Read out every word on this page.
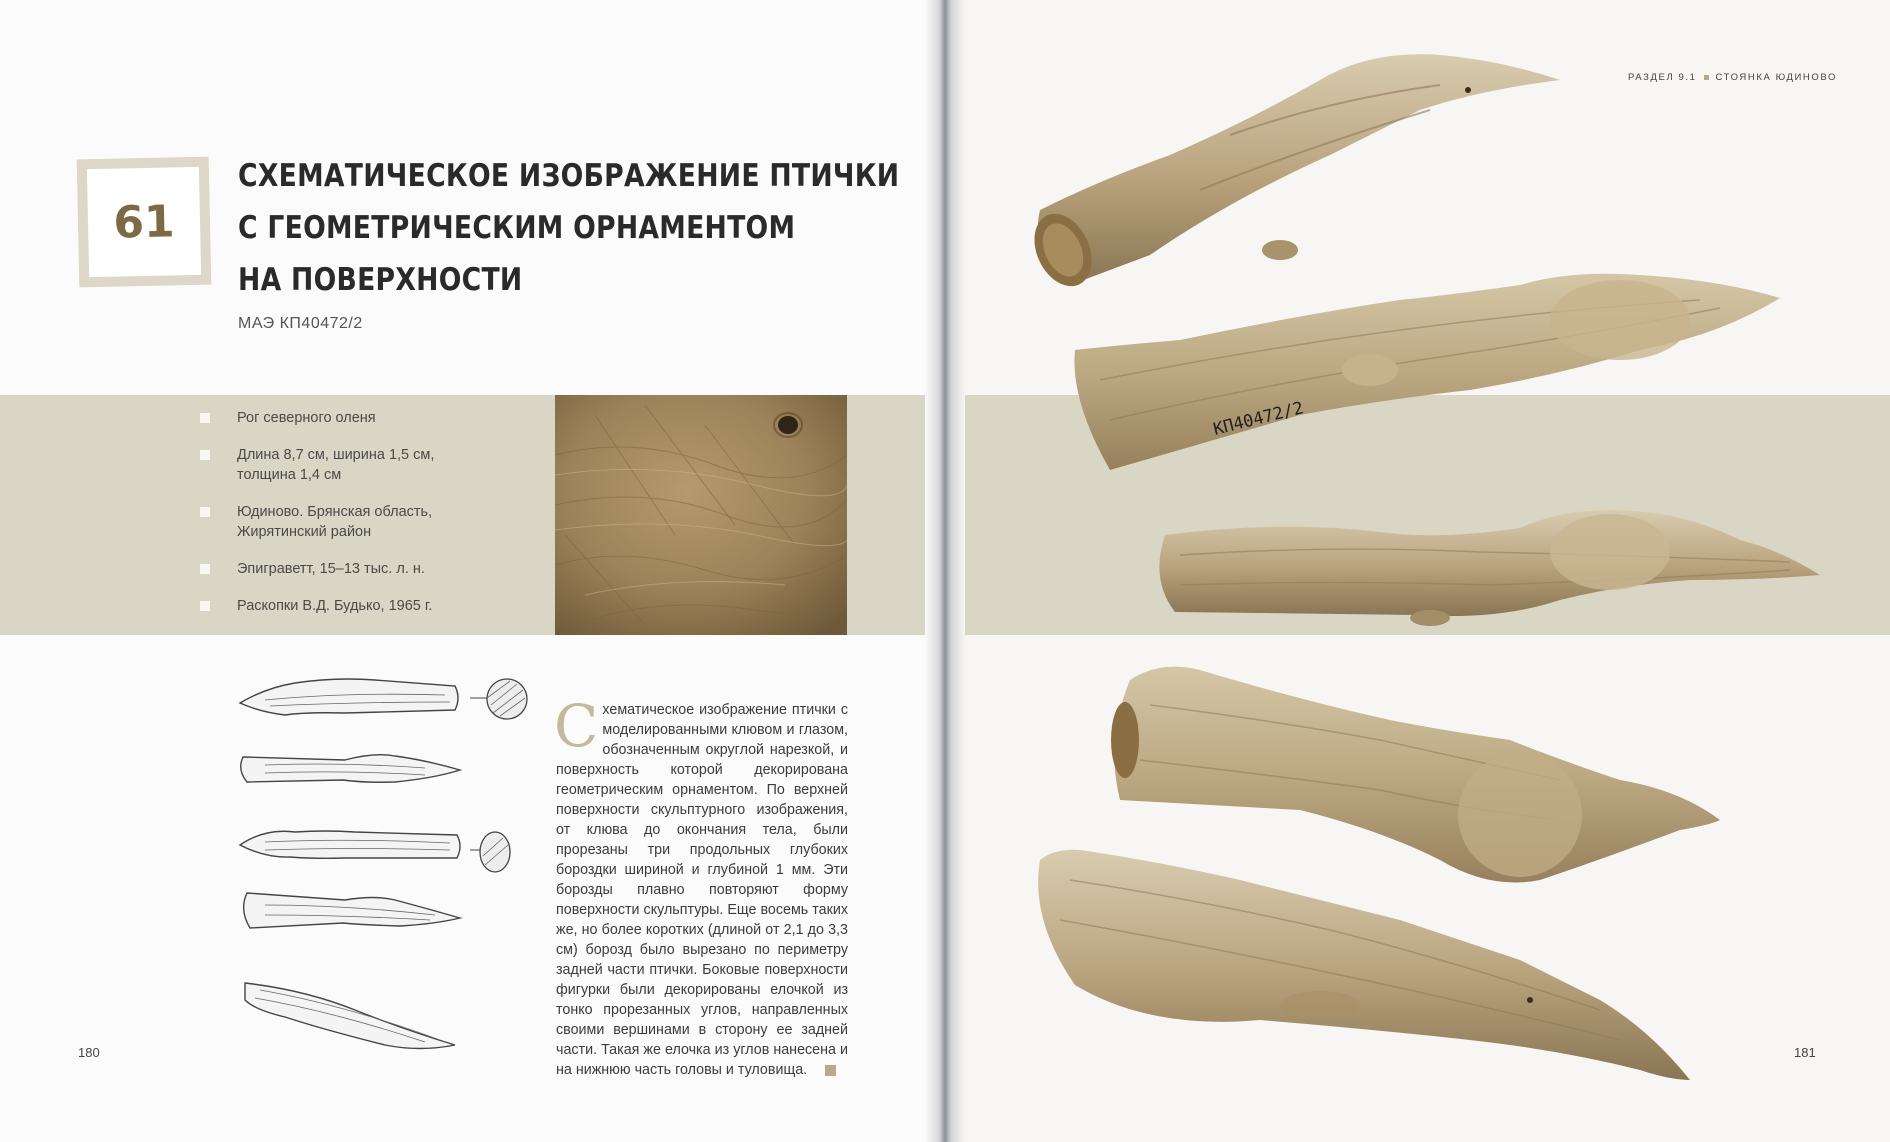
61
СХЕМАТИЧЕСКОЕ ИЗОБРАЖЕНИЕ ПТИЧКИ
С ГЕОМЕТРИЧЕСКИМ ОРНАМЕНТОМ
НА ПОВЕРХНОСТИ
МАЭ КП40472/2
Рог северного оленя
Длина 8,7 см, ширина 1,5 см, толщина 1,4 см
Юдиново. Брянская область, Жирятинский район
Эпиграветт, 15–13 тыс. л. н.
Раскопки В.Д. Будько, 1965 г.
Схематическое изображение птички с моделированными клювом и глазом, обозначенным округлой нарезкой, и поверхность которой декорирована геометрическим орнаментом. По верхней поверхности скульптурного изображения, от клюва до окончания тела, были прорезаны три продольных глубоких бороздки шириной и глубиной 1 мм. Эти борозды плавно повторяют форму поверхности скульптуры. Еще восемь таких же, но более коротких (длиной от 2,1 до 3,3 см) борозд было вырезано по периметру задней части птички. Боковые поверхности фигурки были декорированы елочкой из тонко прорезанных углов, направленных своими вершинами в сторону ее задней части. Такая же елочка из углов нанесена и на нижнюю часть головы и туловища.
180
РАЗДЕЛ 9.1 СТОЯНКА ЮДИНОВО
КП40472/2
181
